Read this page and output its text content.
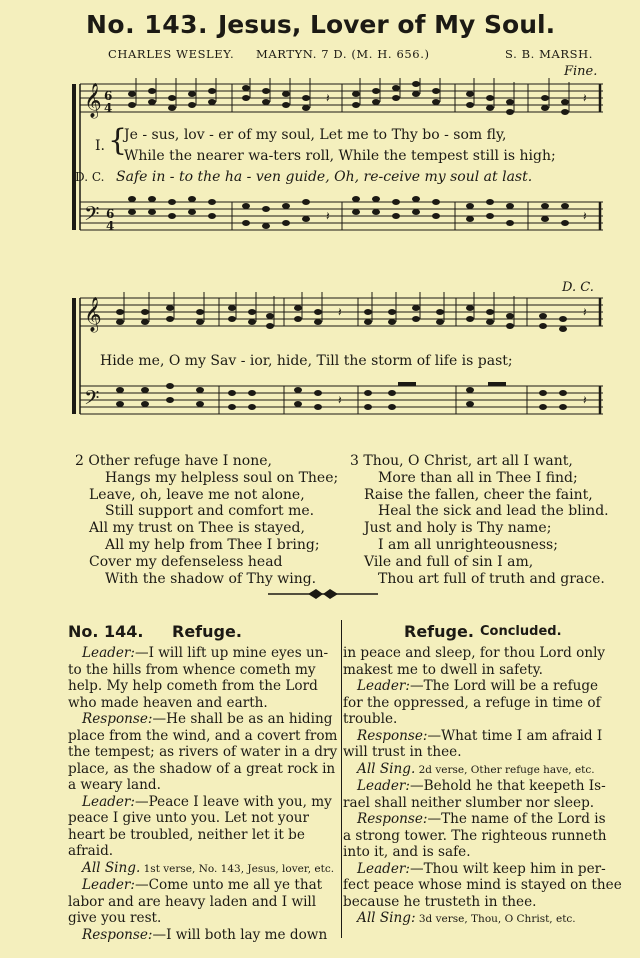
No. 143. Jesus, Lover of My Soul.
CHARLES WESLEY. MARTYN. 7 D. (M. H. 656.)	S. B. MARSH.
Fine.
𝄞
𝄢
6
4
6
4
𝄽	𝄽
𝄽	𝄽
I. {
Je - sus, lov - er of my soul, Let me to Thy bo - som fly,
While the nearer wa-ters roll, While the tempest still is high;
D. C. Safe in - to the ha - ven guide, Oh, re-ceive my soul at last.
D. C.
𝄞
𝄢
𝄽	𝄽
𝄽	𝄽
Hide me, O my Sav - ior, hide, Till the storm of life is past;
2 Other refuge have I none,
Hangs my helpless soul on Thee;
Leave, oh, leave me not alone,
Still support and comfort me.
All my trust on Thee is stayed,
All my help from Thee I bring;
Cover my defenseless head
With the shadow of Thy wing.
3 Thou, O Christ, art all I want,
More than all in Thee I find;
Raise the fallen, cheer the faint,
Heal the sick and lead the blind.
Just and holy is Thy name;
I am all unrighteousness;
Vile and full of sin I am,
Thou art full of truth and grace.
No. 144. Refuge.	Refuge. Concluded.
Leader:—I will lift up mine eyes un-
to the hills from whence cometh my
help. My help cometh from the Lord
who made heaven and earth.
Response:—He shall be as an hiding
place from the wind, and a covert from
the tempest; as rivers of water in a dry
place, as the shadow of a great rock in
a weary land.
Leader:—Peace I leave with you, my
peace I give unto you. Let not your
heart be troubled, neither let it be
afraid.
All Sing. 1st verse, No. 143, Jesus, lover, etc.
Leader:—Come unto me all ye that
labor and are heavy laden and I will
give you rest.
Response:—I will both lay me down
in peace and sleep, for thou Lord only
makest me to dwell in safety.
Leader:—The Lord will be a refuge
for the oppressed, a refuge in time of
trouble.
Response:—What time I am afraid I
will trust in thee.
All Sing. 2d verse, Other refuge have, etc.
Leader:—Behold he that keepeth Is-
rael shall neither slumber nor sleep.
Response:—The name of the Lord is
a strong tower. The righteous runneth
into it, and is safe.
Leader:—Thou wilt keep him in per-
fect peace whose mind is stayed on thee
because he trusteth in thee.
All Sing: 3d verse, Thou, O Christ, etc.
